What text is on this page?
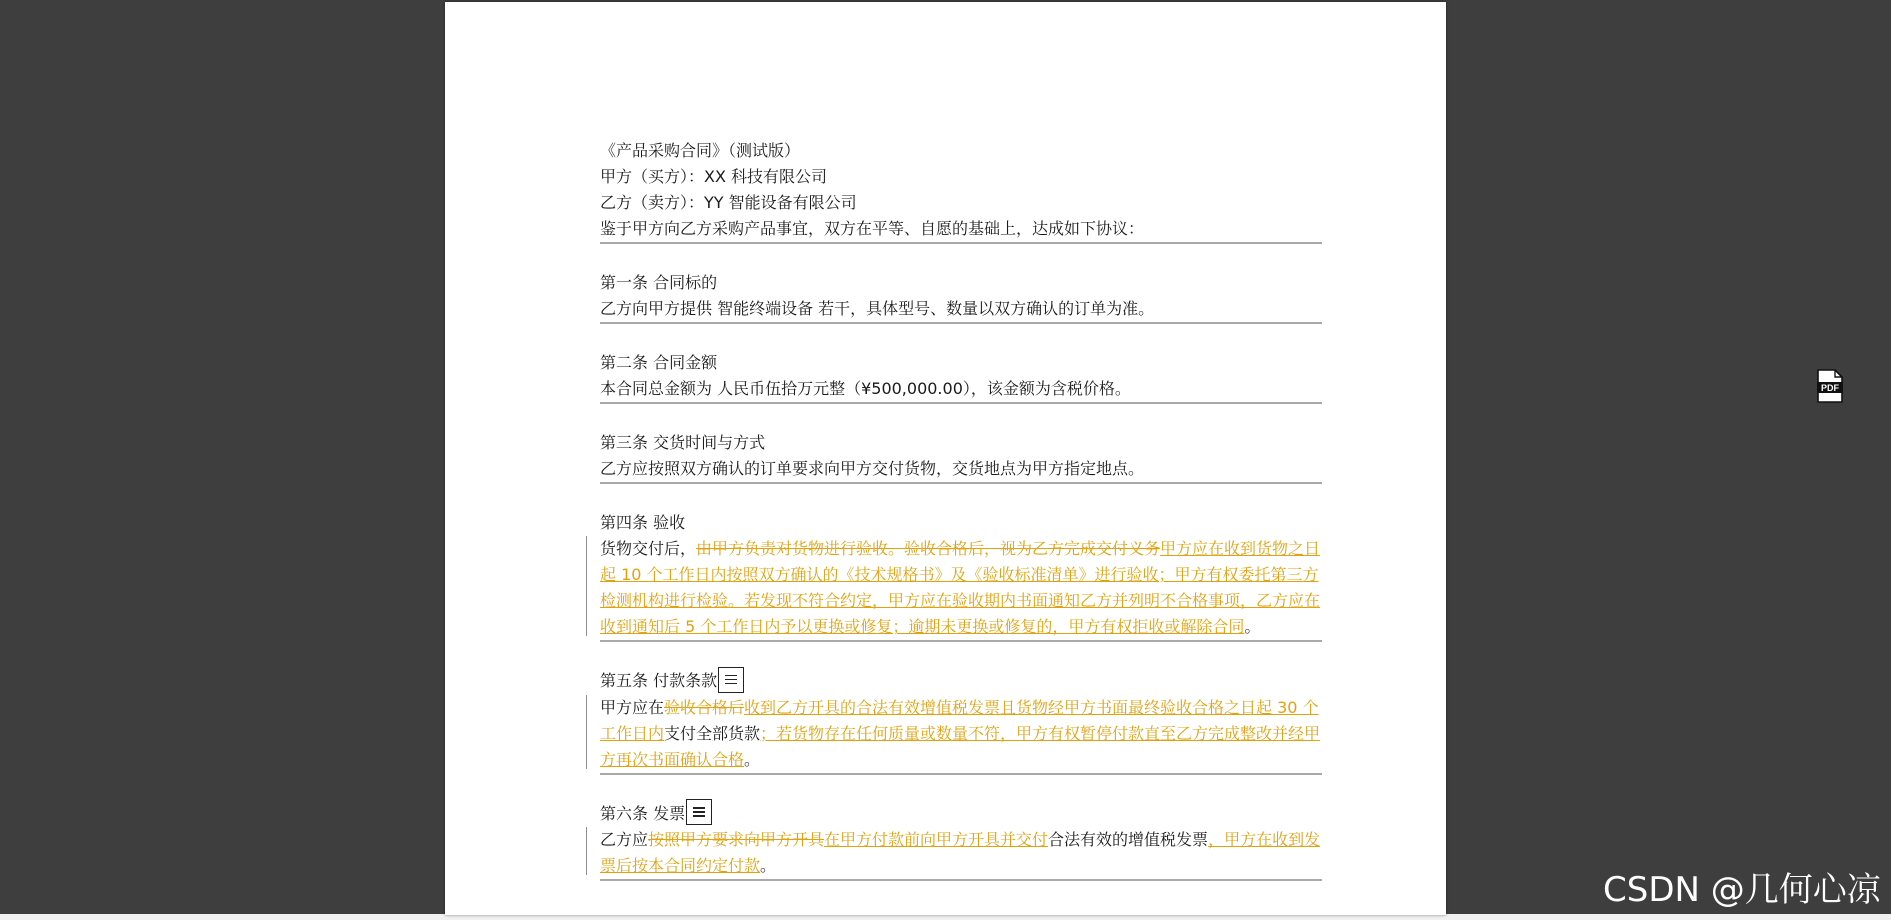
《产品采购合同》（测试版）
甲方（买方）：XX 科技有限公司
乙方（卖方）：YY 智能设备有限公司
鉴于甲方向乙方采购产品事宜，双方在平等、自愿的基础上，达成如下协议：
第一条 合同标的
乙方向甲方提供 智能终端设备 若干，具体型号、数量以双方确认的订单为准。
第二条 合同金额
本合同总金额为 人民币伍拾万元整（¥500,000.00），该金额为含税价格。
第三条 交货时间与方式
乙方应按照双方确认的订单要求向甲方交付货物，交货地点为甲方指定地点。
第四条 验收
货物交付后，由甲方负责对货物进行验收。验收合格后，视为乙方完成交付义务甲方应在收到货物之日起 10 个工作日内按照双方确认的《技术规格书》及《验收标准清单》进行验收；甲方有权委托第三方检测机构进行检验。若发现不符合约定，甲方应在验收期内书面通知乙方并列明不合格事项，乙方应在收到通知后 5 个工作日内予以更换或修复；逾期未更换或修复的，甲方有权拒收或解除合同。
第五条 付款条款
甲方应在验收合格后收到乙方开具的合法有效增值税发票且货物经甲方书面最终验收合格之日起 30 个工作日内支付全部货款；若货物存在任何质量或数量不符，甲方有权暂停付款直至乙方完成整改并经甲方再次书面确认合格。
第六条 发票
乙方应按照甲方要求向甲方开具在甲方付款前向甲方开具并交付合法有效的增值税发票，甲方在收到发票后按本合同约定付款。
PDF
CSDN @几何心凉
